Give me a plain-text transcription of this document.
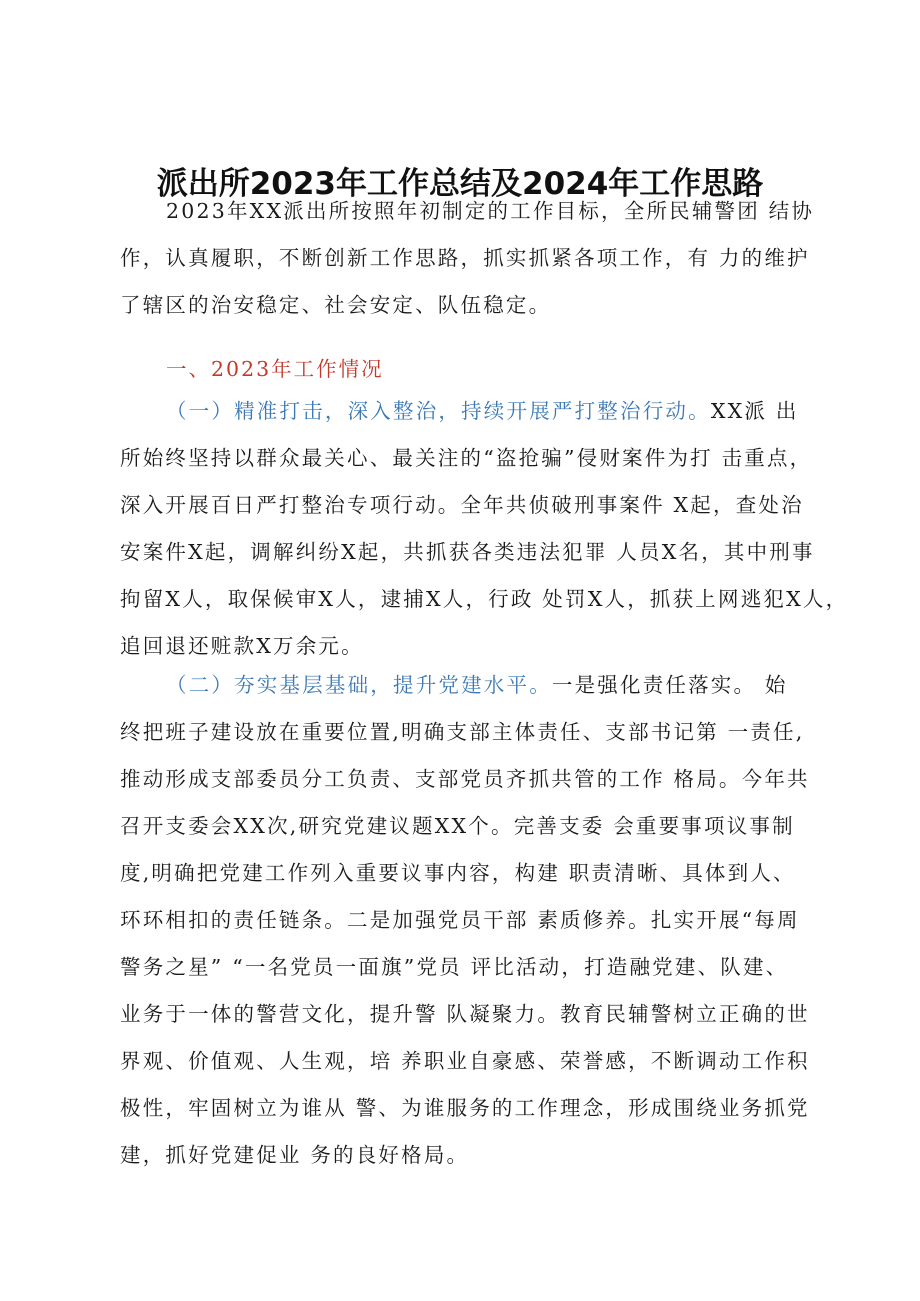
派出所2023年工作总结及2024年工作思路
2023年XX派出所按照年初制定的工作目标，全所民辅警团 结协
作，认真履职，不断创新工作思路，抓实抓紧各项工作，有 力的维护
了辖区的治安稳定、社会安定、队伍稳定。
一、2023年工作情况
（一）精准打击，深入整治，持续开展严打整治行动。XX派 出
所始终坚持以群众最关心、最关注的“盗抢骗”侵财案件为打 击重点，
深入开展百日严打整治专项行动。全年共侦破刑事案件 X起，查处治
安案件X起，调解纠纷X起，共抓获各类违法犯罪 人员X名，其中刑事
拘留X人，取保候审X人，逮捕X人，行政 处罚X人，抓获上网逃犯X人，
追回退还赃款X万余元。
（二）夯实基层基础，提升党建水平。一是强化责任落实。 始
终把班子建设放在重要位置,明确支部主体责任、支部书记第 一责任,
推动形成支部委员分工负责、支部党员齐抓共管的工作 格局。今年共
召开支委会XX次,研究党建议题XX个。完善支委 会重要事项议事制
度,明确把党建工作列入重要议事内容，构建 职责清晰、具体到人、
环环相扣的责任链条。二是加强党员干部 素质修养。扎实开展“每周
警务之星” “一名党员一面旗”党员 评比活动，打造融党建、队建、
业务于一体的警营文化，提升警 队凝聚力。教育民辅警树立正确的世
界观、价值观、人生观，培 养职业自豪感、荣誉感，不断调动工作积
极性，牢固树立为谁从 警、为谁服务的工作理念，形成围绕业务抓党
建，抓好党建促业 务的良好格局。
